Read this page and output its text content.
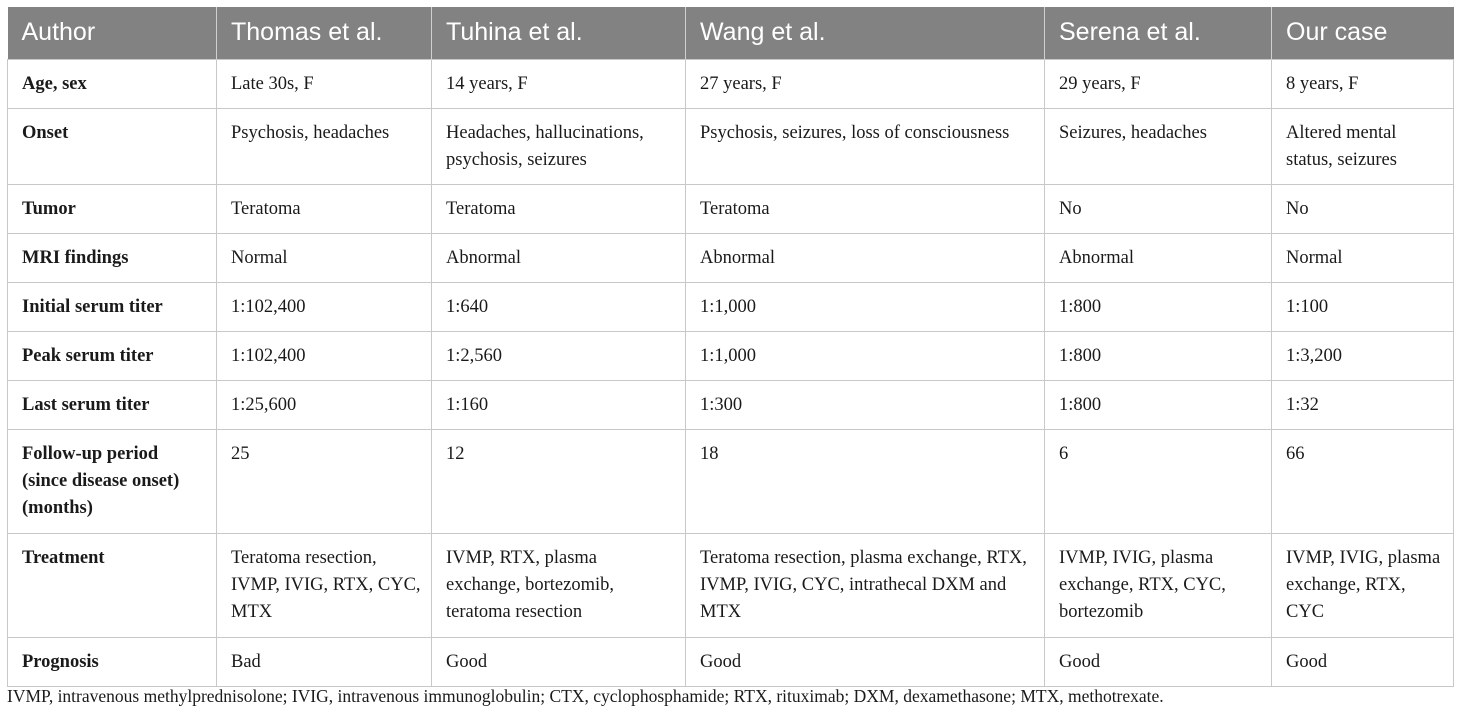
Author	Thomas et al.	Tuhina et al.	Wang et al.	Serena et al.	Our case
Age, sex	Late 30s, F	14 years, F	27 years, F	29 years, F	8 years, F
Onset	Psychosis, headaches	Headaches, hallucinations, psychosis, seizures	Psychosis, seizures, loss of consciousness	Seizures, headaches	Altered mental status, seizures
Tumor	Teratoma	Teratoma	Teratoma	No	No
MRI findings	Normal	Abnormal	Abnormal	Abnormal	Normal
Initial serum titer	1:102,400	1:640	1:1,000	1:800	1:100
Peak serum titer	1:102,400	1:2,560	1:1,000	1:800	1:3,200
Last serum titer	1:25,600	1:160	1:300	1:800	1:32
Follow-up period (since disease onset) (months)	25	12	18	6	66
Treatment	Teratoma resection, IVMP, IVIG, RTX, CYC, MTX	IVMP, RTX, plasma exchange, bortezomib, teratoma resection	Teratoma resection, plasma exchange, RTX, IVMP, IVIG, CYC, intrathecal DXM and MTX	IVMP, IVIG, plasma exchange, RTX, CYC, bortezomib	IVMP, IVIG, plasma exchange, RTX, CYC
Prognosis	Bad	Good	Good	Good	Good
IVMP, intravenous methylprednisolone; IVIG, intravenous immunoglobulin; CTX, cyclophosphamide; RTX, rituximab; DXM, dexamethasone; MTX, methotrexate.
